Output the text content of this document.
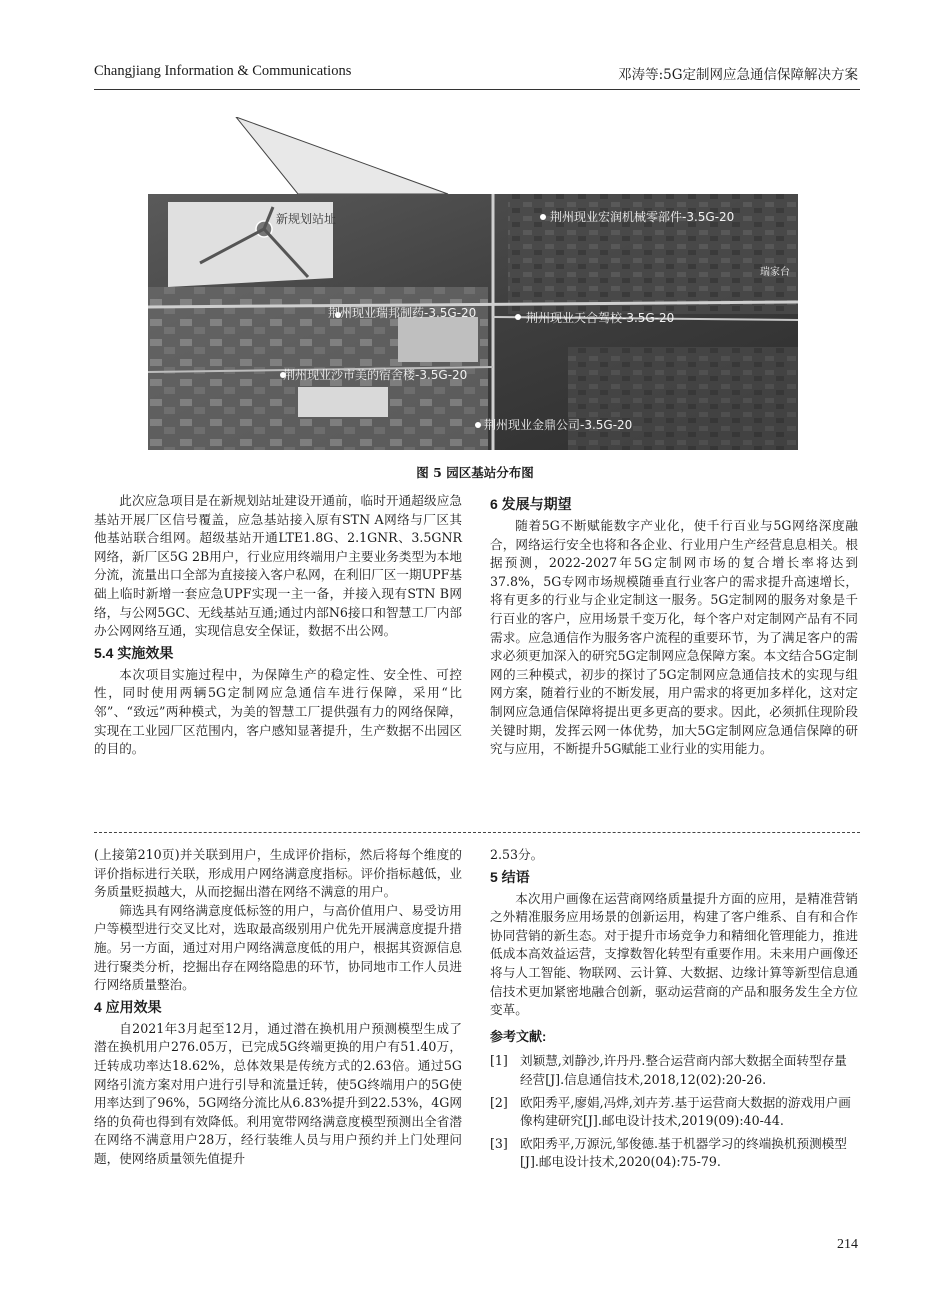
Changjiang Information & Communications	邓涛等:5G定制网应急通信保障解决方案
新规划站址	荆州现业宏润机械零部件-3.5G-20
瑞家台
荆州现业瑞邦制药-3.5G-20	荆州现业天合驾校-3.5G-20
荆州现业沙市美的宿舍楼-3.5G-20
荆州现业金鼎公司-3.5G-20
图 5 园区基站分布图

此次应急项目是在新规划站址建设开通前，临时开通超级应急基站开展厂区信号覆盖，应急基站接入原有STN A网络与厂区其他基站联合组网。超级基站开通LTE1.8G、2.1GNR、3.5GNR网络，新厂区5G 2B用户，行业应用终端用户主要业务类型为本地分流，流量出口全部为直接接入客户私网，在利旧厂区一期UPF基础上临时新增一套应急UPF实现一主一备，并接入现有STN B网络，与公网5GC、无线基站互通;通过内部N6接口和智慧工厂内部办公网网络互通，实现信息安全保证，数据不出公网。

5.4 实施效果

本次项目实施过程中，为保障生产的稳定性、安全性、可控性，同时使用两辆5G定制网应急通信车进行保障，采用“比邻”、“致远”两种模式，为美的智慧工厂提供强有力的网络保障，实现在工业园厂区范围内，客户感知显著提升，生产数据不出园区的目的。

6 发展与期望

随着5G不断赋能数字产业化，使千行百业与5G网络深度融合，网络运行安全也将和各企业、行业用户生产经营息息相关。根据预测，2022-2027年5G定制网市场的复合增长率将达到37.8%，5G专网市场规模随垂直行业客户的需求提升高速增长，将有更多的行业与企业定制这一服务。5G定制网的服务对象是千行百业的客户，应用场景千变万化，每个客户对定制网产品有不同需求。应急通信作为服务客户流程的重要环节，为了满足客户的需求必须更加深入的研究5G定制网应急保障方案。本文结合5G定制网的三种模式，初步的探讨了5G定制网应急通信技术的实现与组网方案，随着行业的不断发展，用户需求的将更加多样化，这对定制网应急通信保障将提出更多更高的要求。因此，必须抓住现阶段关键时期，发挥云网一体优势，加大5G定制网应急通信保障的研究与应用，不断提升5G赋能工业行业的实用能力。

(上接第210页)并关联到用户，生成评价指标，然后将每个维度的评价指标进行关联，形成用户网络满意度指标。评价指标越低，业务质量贬损越大，从而挖掘出潜在网络不满意的用户。

筛选具有网络满意度低标签的用户，与高价值用户、易受访用户等模型进行交叉比对，选取最高级别用户优先开展满意度提升措施。另一方面，通过对用户网络满意度低的用户，根据其资源信息进行聚类分析，挖掘出存在网络隐患的环节，协同地市工作人员进行网络质量整治。

4 应用效果

自2021年3月起至12月，通过潜在换机用户预测模型生成了潜在换机用户276.05万，已完成5G终端更换的用户有51.40万，迁转成功率达18.62%，总体效果是传统方式的2.63倍。通过5G网络引流方案对用户进行引导和流量迁转，使5G终端用户的5G使用率达到了96%，5G网络分流比从6.83%提升到22.53%，4G网络的负荷也得到有效降低。利用宽带网络满意度模型预测出全省潜在网络不满意用户28万，经行装维人员与用户预约并上门处理问题，使网络质量领先值提升

2.53分。

5 结语

本次用户画像在运营商网络质量提升方面的应用，是精准营销之外精准服务应用场景的创新运用，构建了客户维系、自有和合作协同营销的新生态。对于提升市场竞争力和精细化管理能力，推进低成本高效益运营，支撑数智化转型有重要作用。未来用户画像还将与人工智能、物联网、云计算、大数据、边缘计算等新型信息通信技术更加紧密地融合创新，驱动运营商的产品和服务发生全方位变革。

参考文献:
[1] 刘颖慧,刘静沙,许丹丹.整合运营商内部大数据全面转型存量经营[J].信息通信技术,2018,12(02):20-26.
[2] 欧阳秀平,廖娟,冯烨,刘卉芳.基于运营商大数据的游戏用户画像构建研究[J].邮电设计技术,2019(09):40-44.
[3] 欧阳秀平,万源沅,邹俊德.基于机器学习的终端换机预测模型[J].邮电设计技术,2020(04):75-79.
214
